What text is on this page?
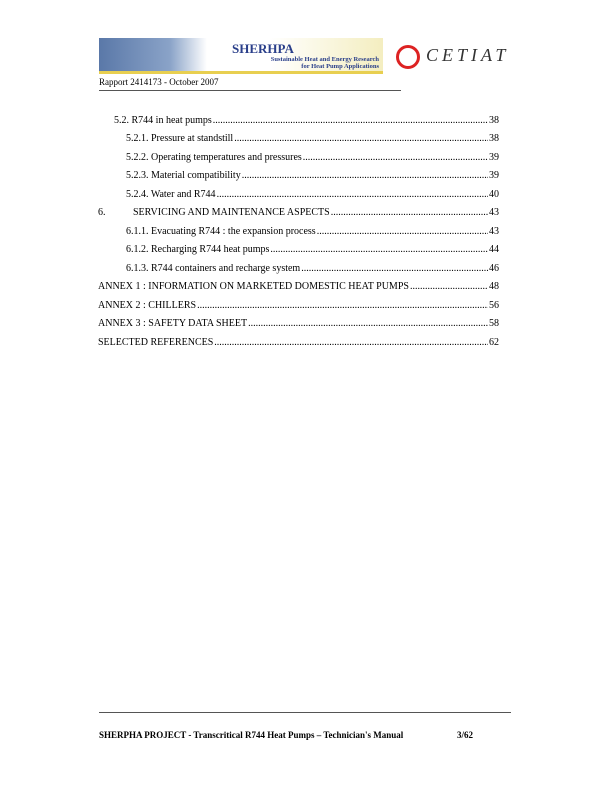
SHERHPA
Sustainable Heat and Energy Research
for Heat Pump Applications
CETIAT
Rapport 2414173 - October 2007
5.2. R744 in heat pumps .....	38
5.2.1. Pressure at standstill .....	38
5.2.2. Operating temperatures and pressures .....	39
5.2.3. Material compatibility .....	39
5.2.4. Water and R744 .....	40
6.	SERVICING AND MAINTENANCE ASPECTS .....	43
6.1.1. Evacuating R744 : the expansion process .....	43
6.1.2. Recharging R744 heat pumps .....	44
6.1.3. R744 containers and recharge system .....	46
ANNEX 1 : INFORMATION ON MARKETED DOMESTIC HEAT PUMPS .....	48
ANNEX 2 : CHILLERS .....	56
ANNEX 3 : SAFETY DATA SHEET .....	58
SELECTED REFERENCES .....	62
SHERPHA PROJECT - Transcritical R744 Heat Pumps – Technician's Manual	3/62
